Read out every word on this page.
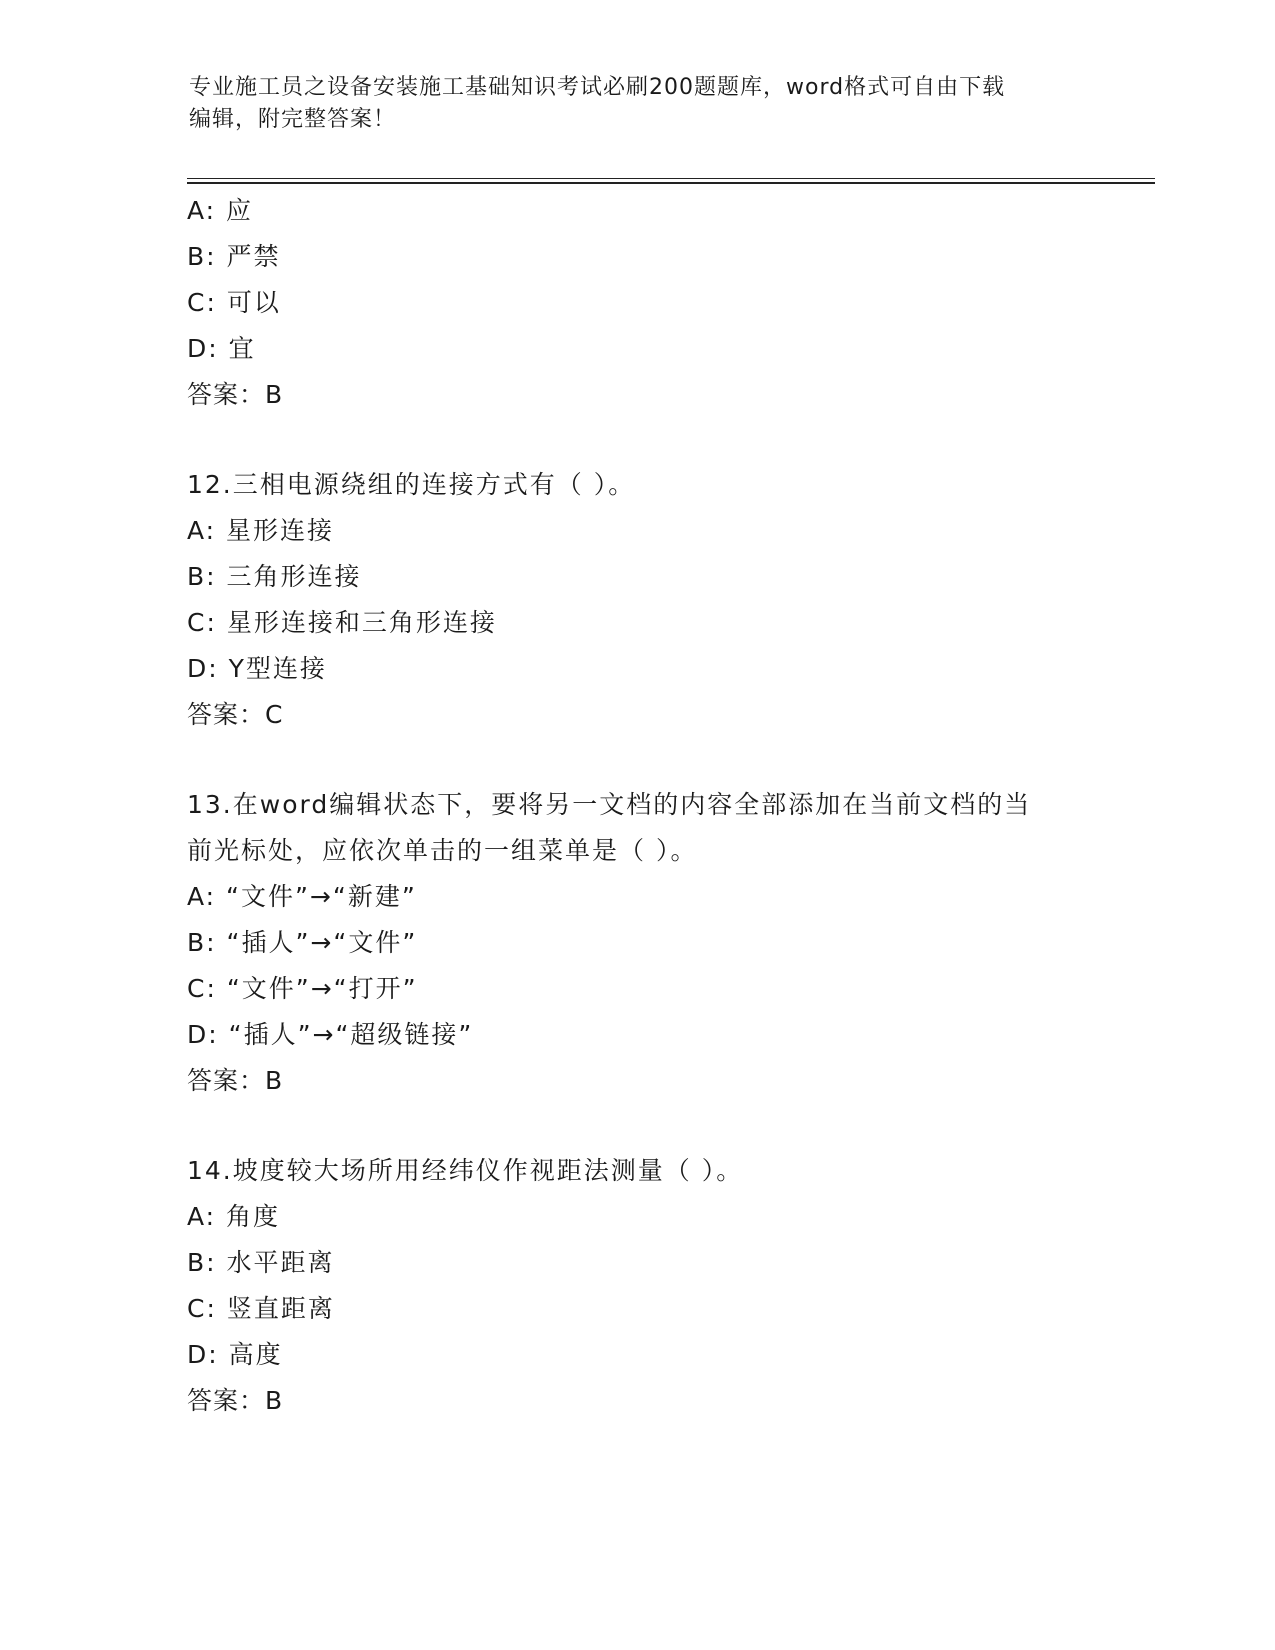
专业施工员之设备安装施工基础知识考试必刷200题题库，word格式可自由下载
编辑，附完整答案！
A: 应
B: 严禁
C: 可以
D: 宜
答案：B
12.三相电源绕组的连接方式有（ ）。
A: 星形连接
B: 三角形连接
C: 星形连接和三角形连接
D: Y型连接
答案：C
13.在word编辑状态下，要将另一文档的内容全部添加在当前文档的当前光标处，应依次单击的一组菜单是（ ）。
A: “文件”→“新建”
B: “插人”→“文件”
C: “文件”→“打开”
D: “插人”→“超级链接”
答案：B
14.坡度较大场所用经纬仪作视距法测量（ ）。
A: 角度
B: 水平距离
C: 竖直距离
D: 高度
答案：B
